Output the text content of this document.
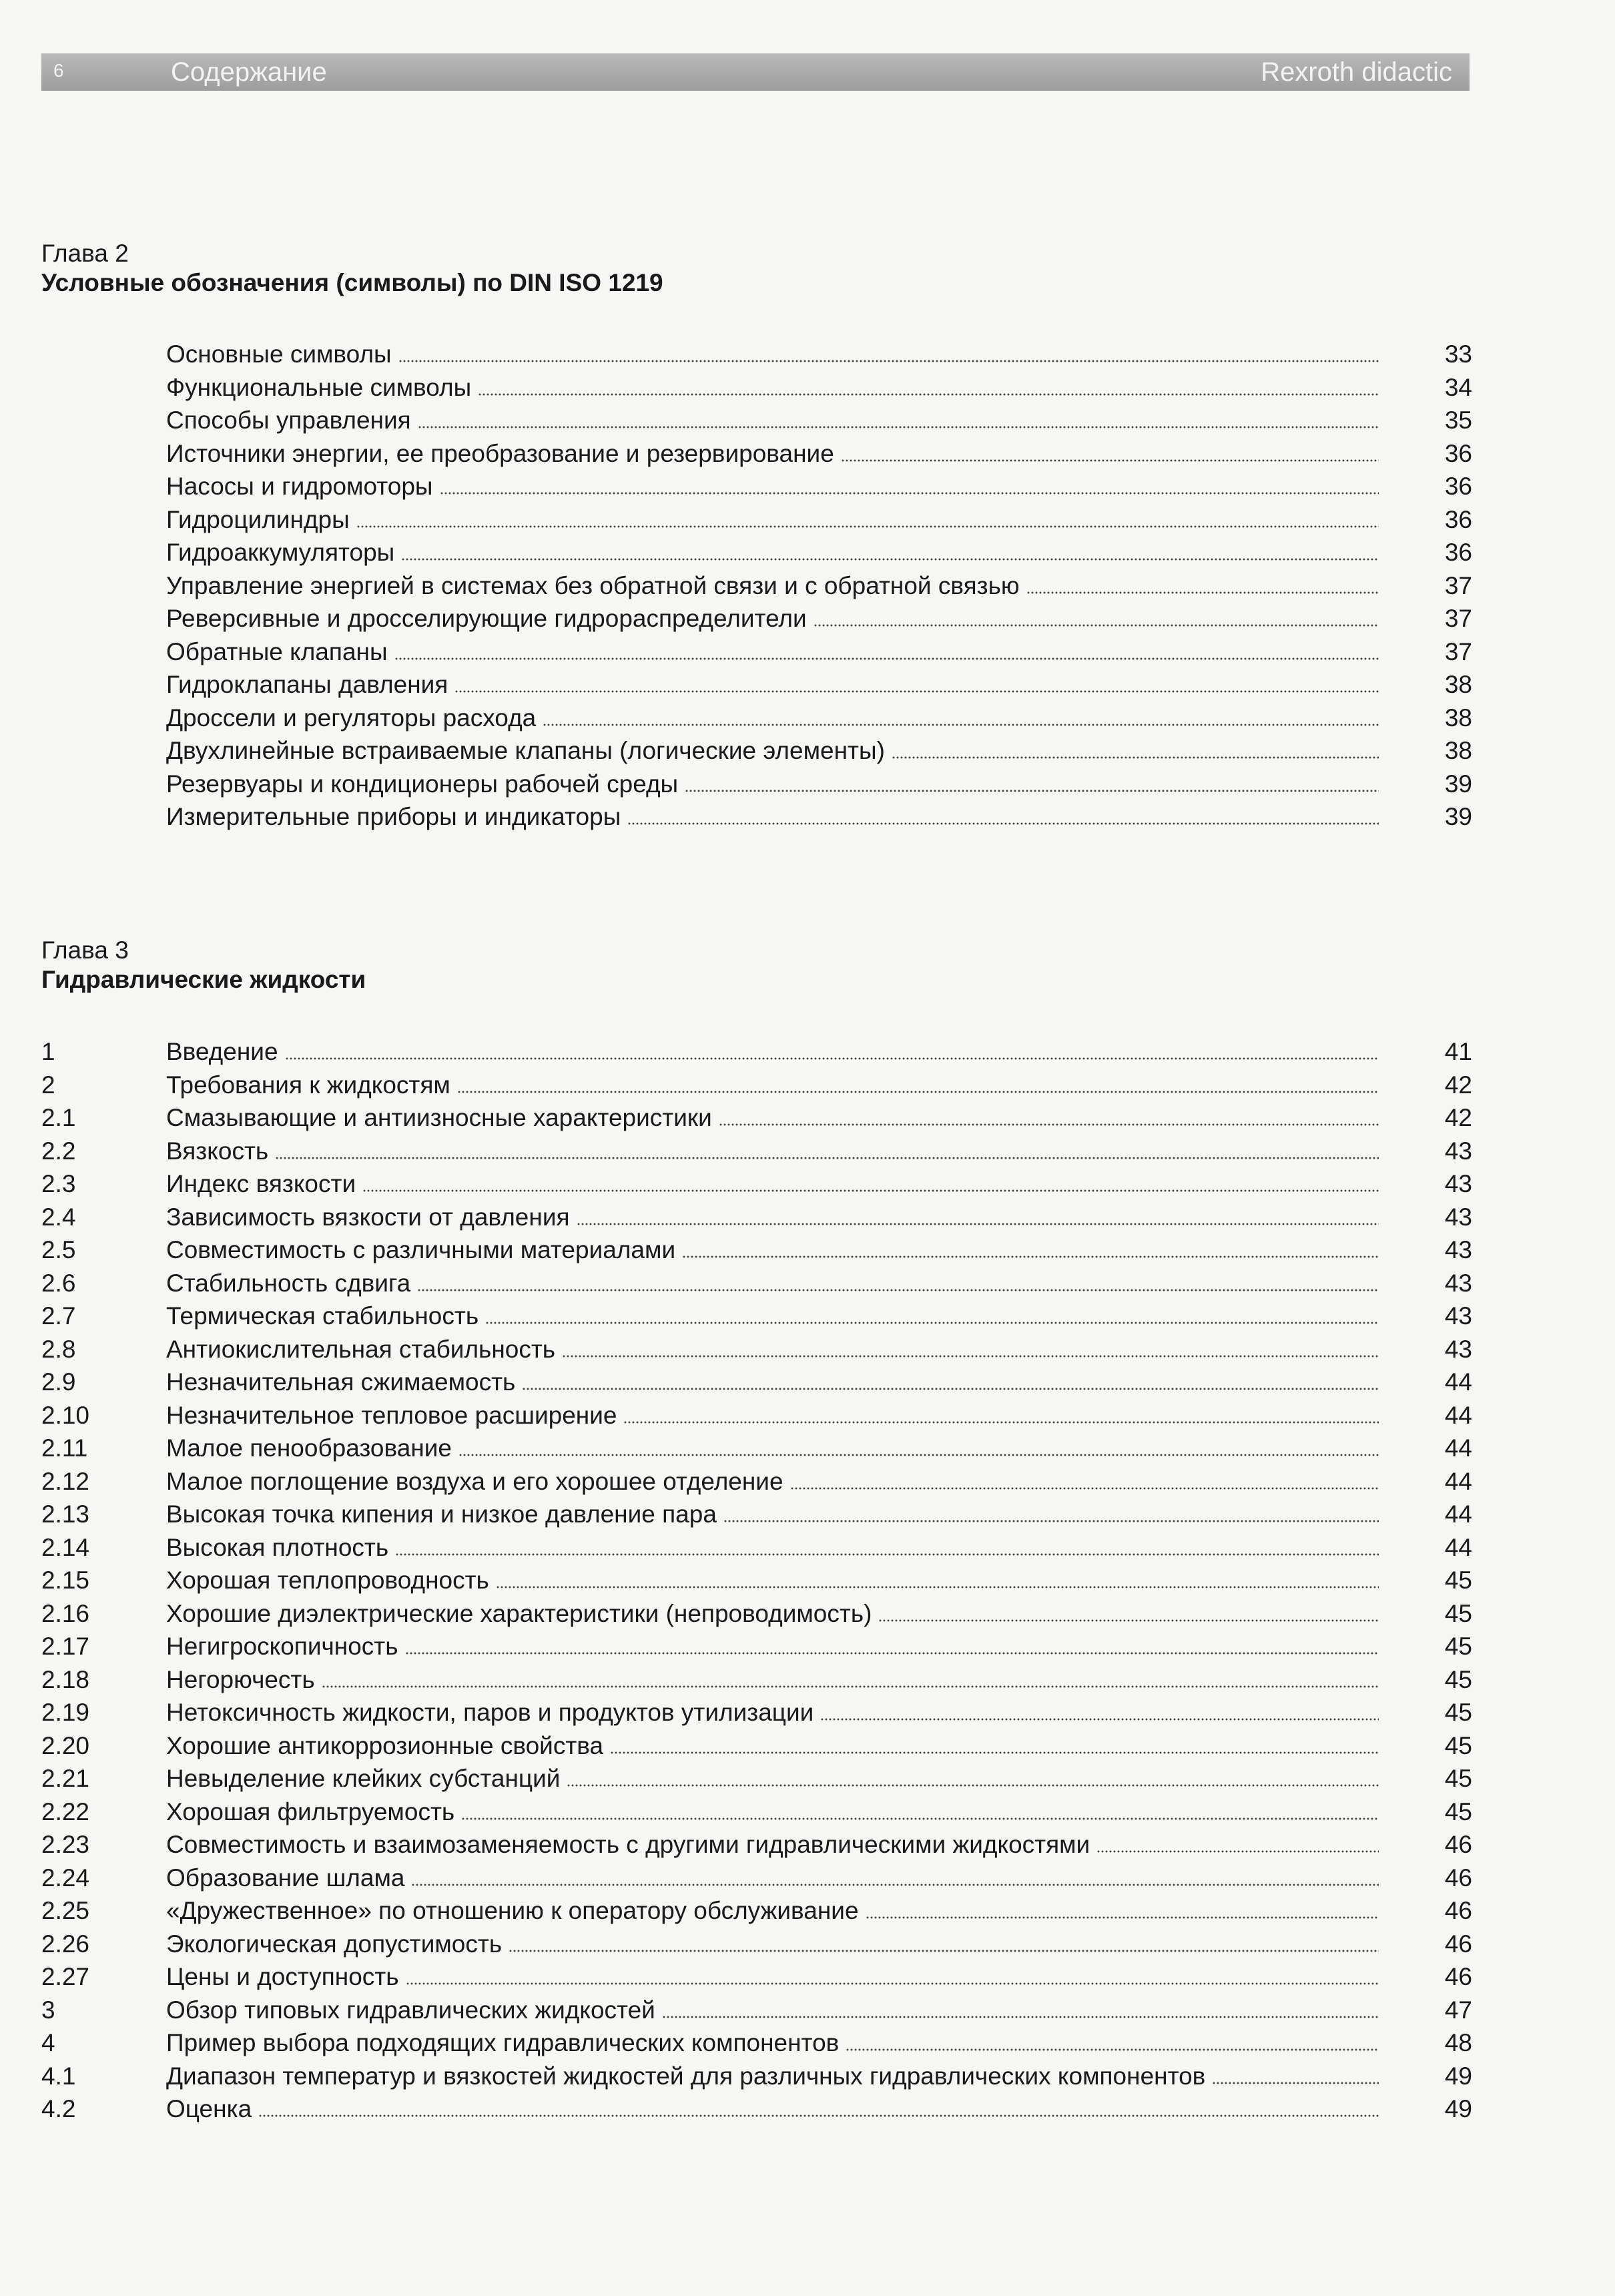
6	Содержание	Rexroth didactic
Глава 2
Условные обозначения (символы) по DIN ISO 1219
Основные символы	33
Функциональные символы	34
Способы управления	35
Источники энергии, ее преобразование и резервирование	36
Насосы и гидромоторы	36
Гидроцилиндры	36
Гидроаккумуляторы	36
Управление энергией в системах без обратной связи и с обратной связью	37
Реверсивные и дросселирующие гидрораспределители	37
Обратные клапаны	37
Гидроклапаны давления	38
Дроссели и регуляторы расхода	38
Двухлинейные встраиваемые клапаны (логические элементы)	38
Резервуары и кондиционеры рабочей среды	39
Измерительные приборы и индикаторы	39
Глава 3
Гидравлические жидкости
1	Введение	41
2	Требования к жидкостям	42
2.1	Смазывающие и антиизносные характеристики	42
2.2	Вязкость	43
2.3	Индекс вязкости	43
2.4	Зависимость вязкости от давления	43
2.5	Совместимость с различными материалами	43
2.6	Стабильность сдвига	43
2.7	Термическая стабильность	43
2.8	Антиокислительная стабильность	43
2.9	Незначительная сжимаемость	44
2.10	Незначительное тепловое расширение	44
2.11	Малое пенообразование	44
2.12	Малое поглощение воздуха и его хорошее отделение	44
2.13	Высокая точка кипения и низкое давление пара	44
2.14	Высокая плотность	44
2.15	Хорошая теплопроводность	45
2.16	Хорошие диэлектрические характеристики (непроводимость)	45
2.17	Негигроскопичность	45
2.18	Негорючесть	45
2.19	Нетоксичность жидкости, паров и продуктов утилизации	45
2.20	Хорошие антикоррозионные свойства	45
2.21	Невыделение клейких субстанций	45
2.22	Хорошая фильтруемость	45
2.23	Совместимость и взаимозаменяемость с другими гидравлическими жидкостями	46
2.24	Образование шлама	46
2.25	«Дружественное» по отношению к оператору обслуживание	46
2.26	Экологическая допустимость	46
2.27	Цены и доступность	46
3	Обзор типовых гидравлических жидкостей	47
4	Пример выбора подходящих гидравлических компонентов	48
4.1	Диапазон температур и вязкостей жидкостей для различных гидравлических компонентов	49
4.2	Оценка	49
